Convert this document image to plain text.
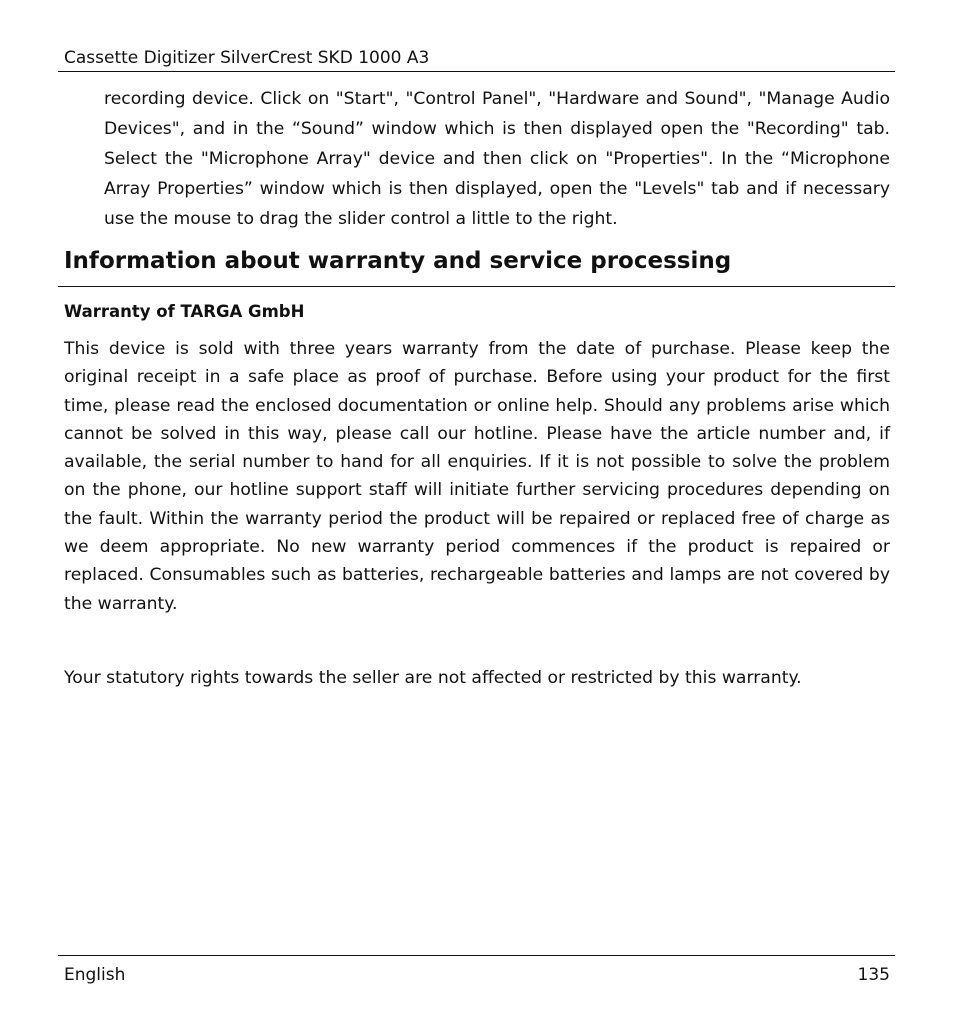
Cassette Digitizer SilverCrest SKD 1000 A3

recording device. Click on "Start", "Control Panel", "Hardware and Sound", "Manage Audio Devices", and in the “Sound” window which is then displayed open the "Recording" tab. Select the "Microphone Array" device and then click on "Properties". In the “Microphone Array Properties” window which is then displayed, open the "Levels" tab and if necessary use the mouse to drag the slider control a little to the right.

Information about warranty and service processing
Warranty of TARGA GmbH

This device is sold with three years warranty from the date of purchase. Please keep the original receipt in a safe place as proof of purchase. Before using your product for the first time, please read the enclosed documentation or online help. Should any problems arise which cannot be solved in this way, please call our hotline. Please have the article number and, if available, the serial number to hand for all enquiries. If it is not possible to solve the problem on the phone, our hotline support staff will initiate further servicing procedures depending on the fault. Within the warranty period the product will be repaired or replaced free of charge as we deem appropriate. No new warranty period commences if the product is repaired or replaced. Consumables such as batteries, rechargeable batteries and lamps are not covered by the warranty.

Your statutory rights towards the seller are not affected or restricted by this warranty.

English	135
